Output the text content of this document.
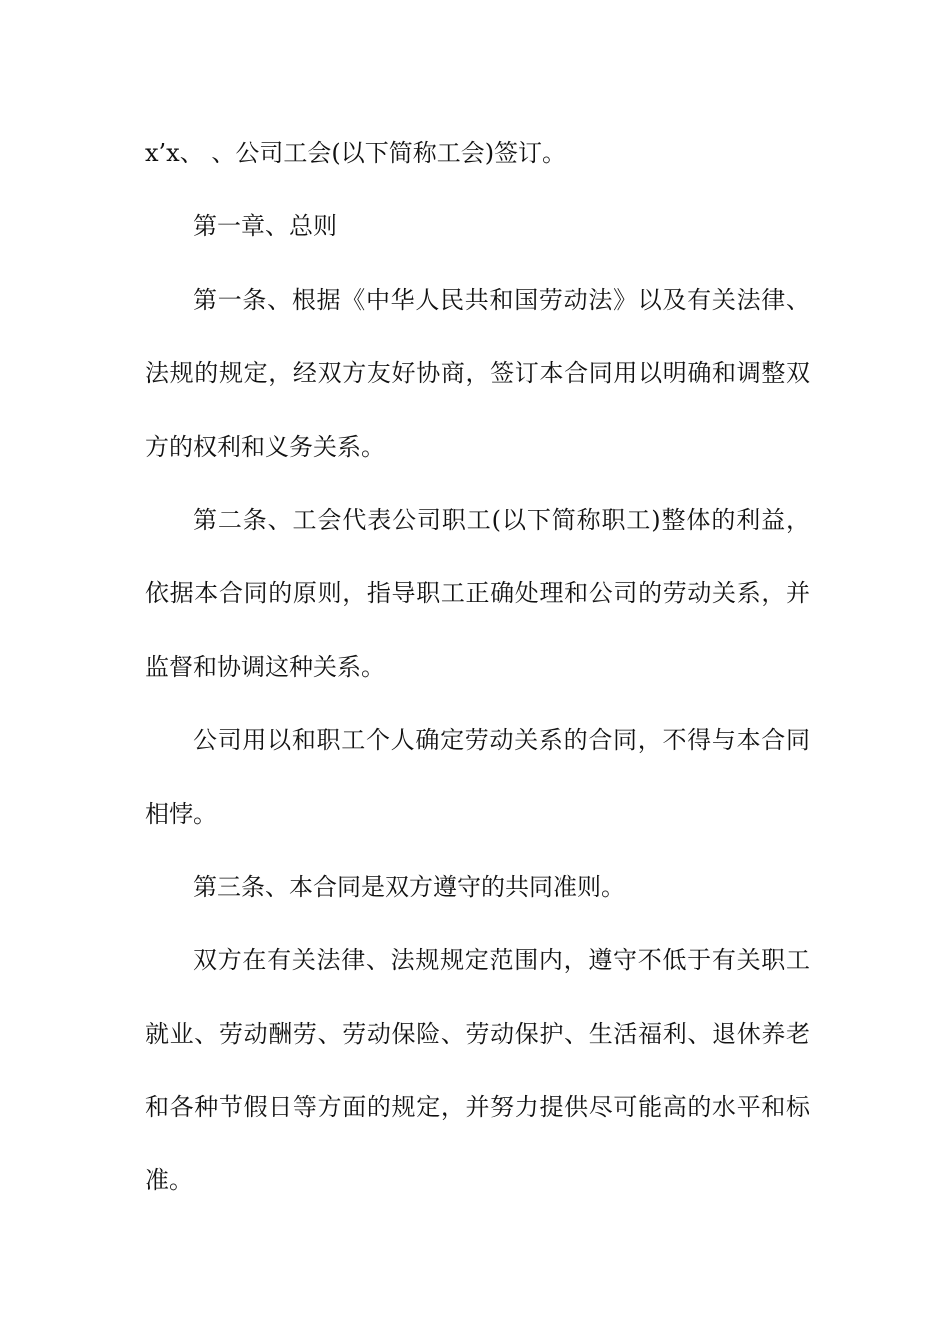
x’x、 、公司工会(以下简称工会)签订。
第一章、总则
第一条、根据《中华人民共和国劳动法》以及有关法律、
法规的规定，经双方友好协商，签订本合同用以明确和调整双
方的权利和义务关系。
第二条、工会代表公司职工(以下简称职工)整体的利益，
依据本合同的原则，指导职工正确处理和公司的劳动关系，并
监督和协调这种关系。
公司用以和职工个人确定劳动关系的合同，不得与本合同
相悖。
第三条、本合同是双方遵守的共同准则。
双方在有关法律、法规规定范围内，遵守不低于有关职工
就业、劳动酬劳、劳动保险、劳动保护、生活福利、退休养老
和各种节假日等方面的规定，并努力提供尽可能高的水平和标
准。
